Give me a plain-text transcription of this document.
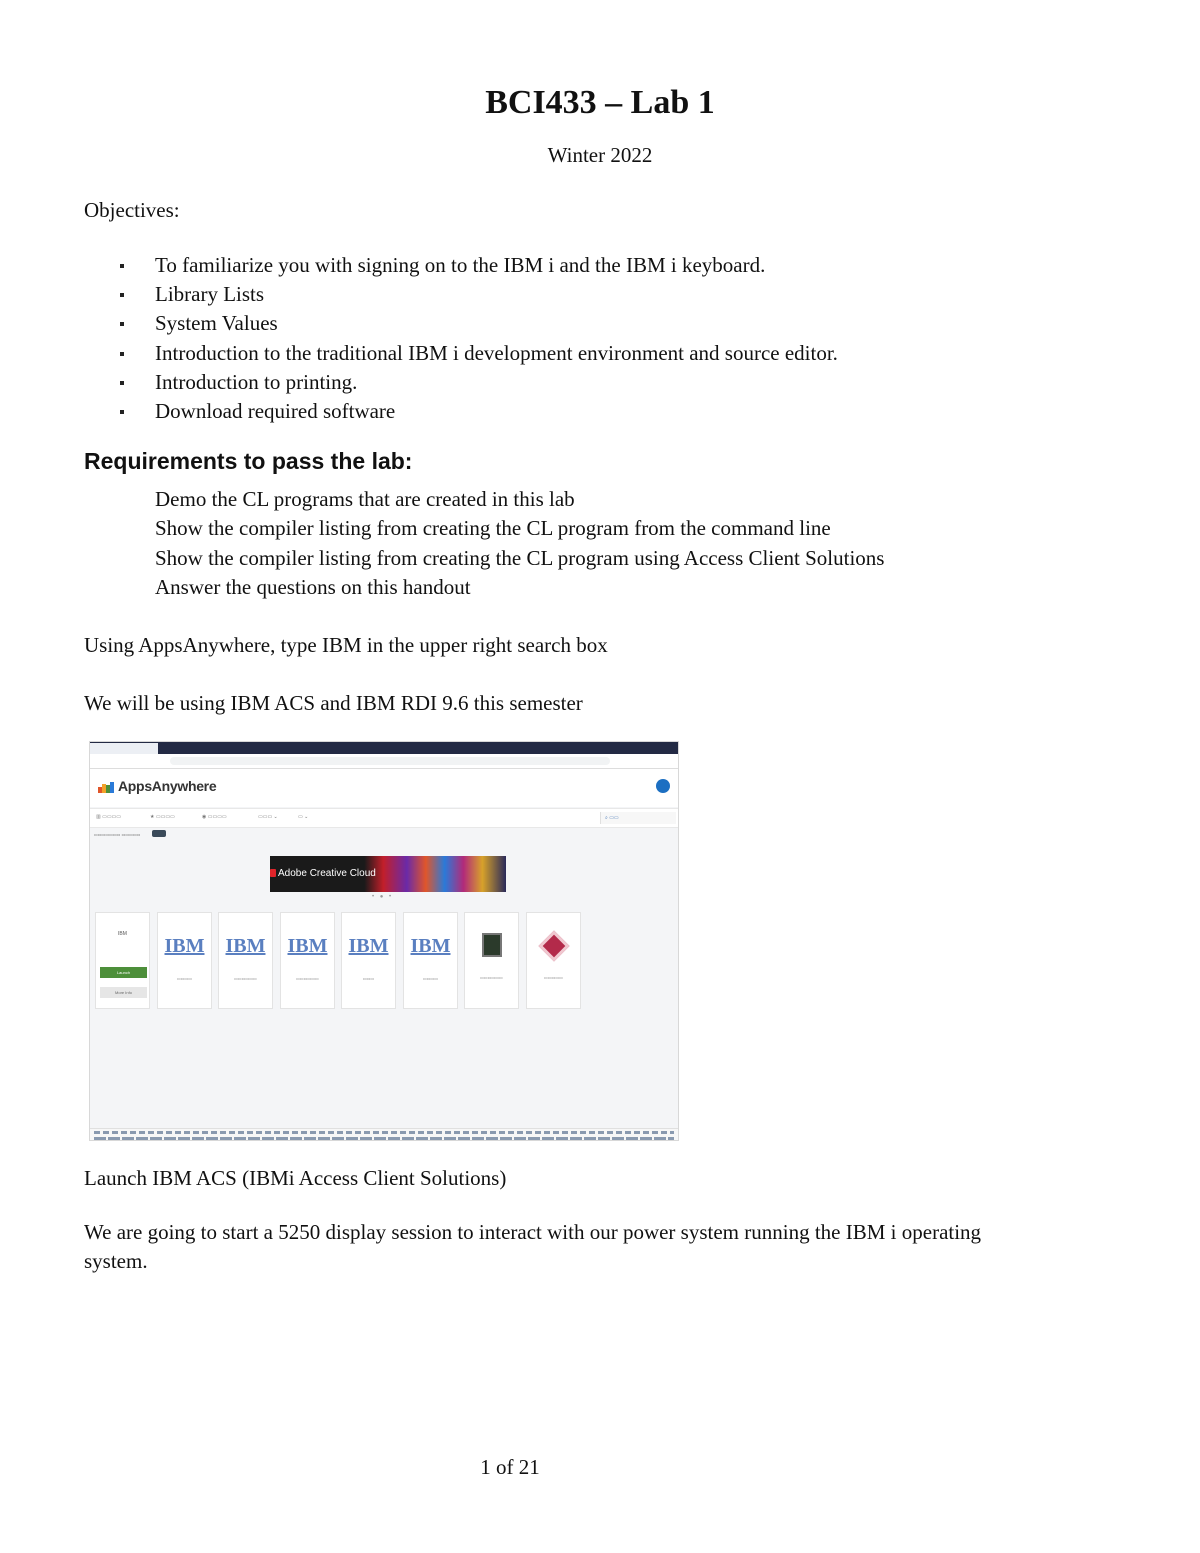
BCI433 – Lab 1
Winter 2022
Objectives:
To familiarize you with signing on to the IBM i and the IBM i keyboard.
Library Lists
System Values
Introduction to the traditional IBM i development environment and source editor.
Introduction to printing.
Download required software
Requirements to pass the lab:
Demo the CL programs that are created in this lab
Show the compiler listing from creating the CL program from the command line
Show the compiler listing from creating the CL program using Access Client Solutions
Answer the questions on this handout
Using AppsAnywhere, type IBM in the upper right search box
We will be using IBM ACS and IBM RDI 9.6 this semester
AppsAnywhere
▥ ▭▭▭▭	★ ▭▭▭▭	◉ ▭▭▭▭	▭▭▭ ⌄	▭ ⌄	⌕ ▭▭
▭▭▭▭▭▭▭ ▭▭▭▭▭
Adobe Creative Cloud
• ● •
IBM
Launch
More Info
IBM
▭▭▭▭
IBM
▭▭▭▭▭▭
IBM
▭▭▭▭▭▭
IBM
▭▭▭
IBM
▭▭▭▭	▭▭▭▭▭▭	▭▭▭▭▭
Launch IBM ACS (IBMi Access Client Solutions)
We are going to start a 5250 display session to interact with our power system running the IBM i operating
system.
1 of 21
